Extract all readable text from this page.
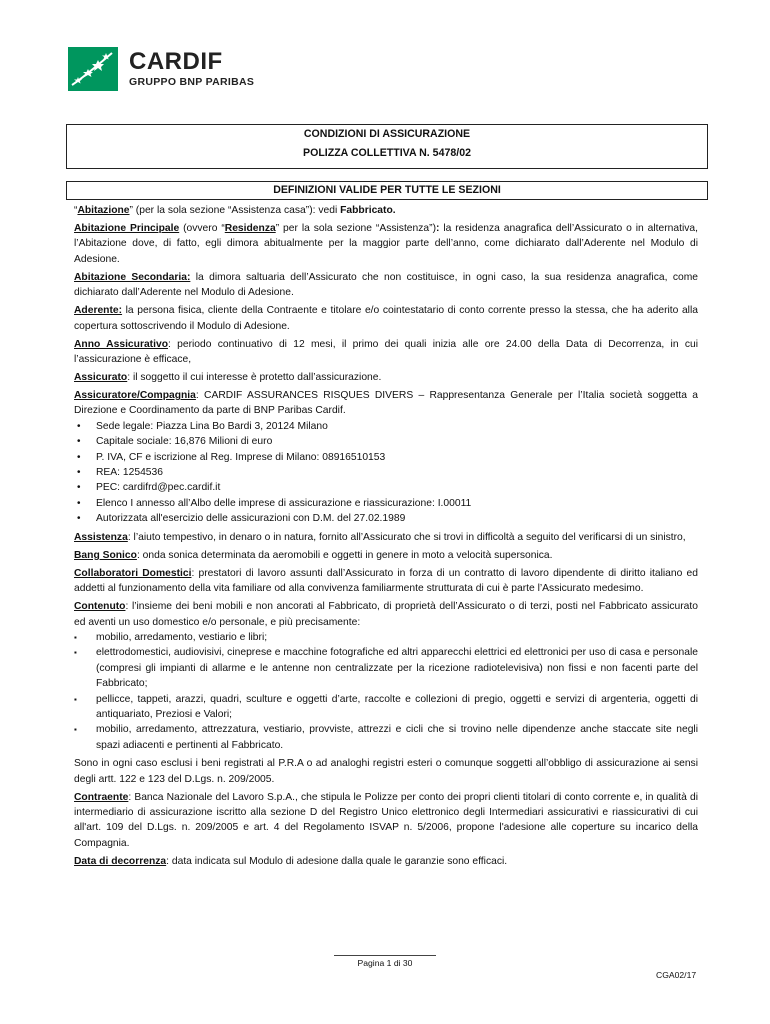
CARDIF
GRUPPO BNP PARIBAS
CONDIZIONI DI ASSICURAZIONE
POLIZZA COLLETTIVA N. 5478/02
DEFINIZIONI VALIDE PER TUTTE LE SEZIONI

“Abitazione” (per la sola sezione “Assistenza casa”): vedi Fabbricato.

Abitazione Principale (ovvero “Residenza” per la sola sezione “Assistenza”): la residenza anagrafica dell’Assicurato o in alternativa, l’Abitazione dove, di fatto, egli dimora abitualmente per la maggior parte dell’anno, come dichiarato dall’Aderente nel Modulo di Adesione.

Abitazione Secondaria: la dimora saltuaria dell’Assicurato che non costituisce, in ogni caso, la sua residenza anagrafica, come dichiarato dall’Aderente nel Modulo di Adesione.

Aderente: la persona fisica, cliente della Contraente e titolare e/o cointestatario di conto corrente presso la stessa, che ha aderito alla copertura sottoscrivendo il Modulo di Adesione.

Anno Assicurativo: periodo continuativo di 12 mesi, il primo dei quali inizia alle ore 24.00 della Data di Decorrenza, in cui l’assicurazione è efficace,

Assicurato: il soggetto il cui interesse è protetto dall’assicurazione.

Assicuratore/Compagnia: CARDIF ASSURANCES RISQUES DIVERS – Rappresentanza Generale per l’Italia società soggetta a Direzione e Coordinamento da parte di BNP Paribas Cardif.

• Sede legale: Piazza Lina Bo Bardi 3, 20124 Milano
• Capitale sociale: 16,876 Milioni di euro
• P. IVA, CF e iscrizione al Reg. Imprese di Milano: 08916510153
• REA: 1254536
• PEC: cardifrd@pec.cardif.it
• Elenco I annesso all’Albo delle imprese di assicurazione e riassicurazione: I.00011
• Autorizzata all'esercizio delle assicurazioni con D.M. del 27.02.1989

Assistenza: l’aiuto tempestivo, in denaro o in natura, fornito all’Assicurato che si trovi in difficoltà a seguito del verificarsi di un sinistro,

Bang Sonico: onda sonica determinata da aeromobili e oggetti in genere in moto a velocità supersonica.

Collaboratori Domestici: prestatori di lavoro assunti dall’Assicurato in forza di un contratto di lavoro dipendente di diritto italiano ed addetti al funzionamento della vita familiare od alla convivenza familiarmente strutturata di cui è parte l’Assicurato medesimo.

Contenuto: l’insieme dei beni mobili e non ancorati al Fabbricato, di proprietà dell’Assicurato o di terzi, posti nel Fabbricato assicurato ed aventi un uso domestico e/o personale, e più precisamente:

▪ mobilio, arredamento, vestiario e libri;
▪ elettrodomestici, audiovisivi, cineprese e macchine fotografiche ed altri apparecchi elettrici ed elettronici per uso di casa e personale (compresi gli impianti di allarme e le antenne non centralizzate per la ricezione radiotelevisiva) non fissi e non facenti parte del Fabbricato;
▪ pellicce, tappeti, arazzi, quadri, sculture e oggetti d’arte, raccolte e collezioni di pregio, oggetti e servizi di argenteria, oggetti di antiquariato, Preziosi e Valori;
▪ mobilio, arredamento, attrezzatura, vestiario, provviste, attrezzi e cicli che si trovino nelle dipendenze anche staccate site negli spazi adiacenti e pertinenti al Fabbricato.

Sono in ogni caso esclusi i beni registrati al P.R.A o ad analoghi registri esteri o comunque soggetti all’obbligo di assicurazione ai sensi degli artt. 122 e 123 del D.Lgs. n. 209/2005.

Contraente: Banca Nazionale del Lavoro S.p.A., che stipula le Polizze per conto dei propri clienti titolari di conto corrente e, in qualità di intermediario di assicurazione iscritto alla sezione D del Registro Unico elettronico degli Intermediari assicurativi e riassicurativi di cui all'art. 109 del D.Lgs. n. 209/2005 e art. 4 del Regolamento ISVAP n. 5/2006, propone l'adesione alle coperture su incarico della Compagnia.

Data di decorrenza: data indicata sul Modulo di adesione dalla quale le garanzie sono efficaci.

Pagina 1 di 30
CGA02/17
